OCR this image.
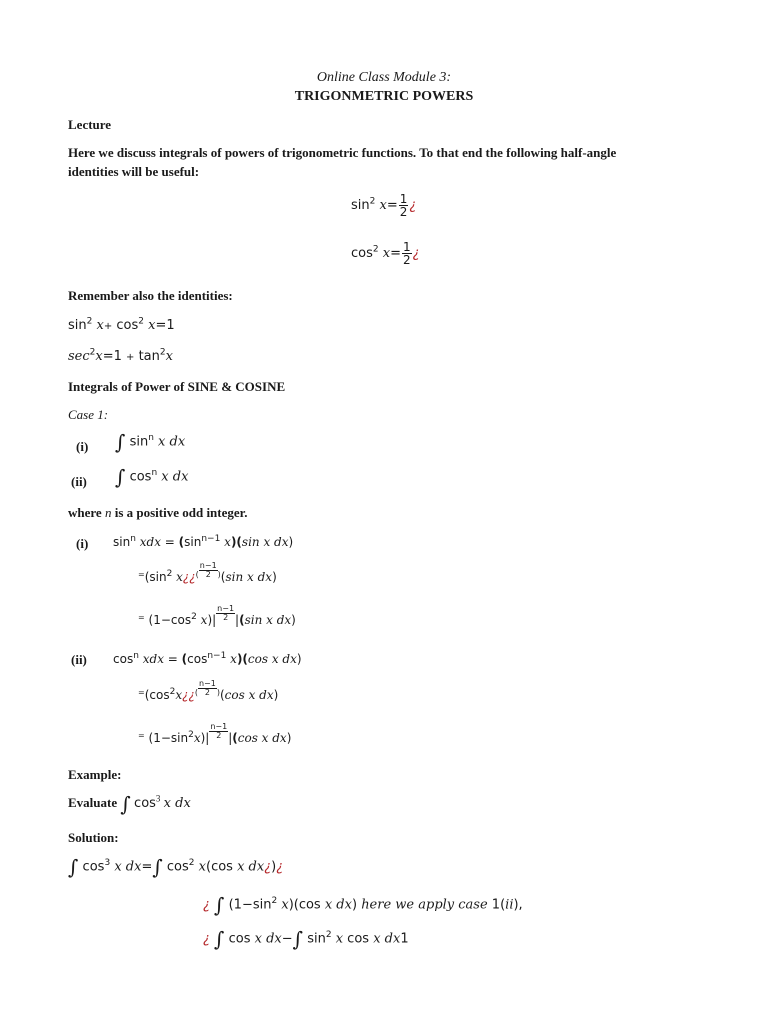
Online Class Module 3:
TRIGONMETRIC POWERS
Lecture
Here we discuss integrals of powers of trigonometric functions. To that end the following half-angle
identities will be useful:
$\sin^2 x= \frac{1}{2}$ ¿
$\cos^2 x= \frac{1}{2}$ ¿
Remember also the identities:
$\sin^2 x+ \cos^2 x=1$
$\sec^2x=1 + \tan^2x$
Integrals of Power of SINE & COSINE
Case 1:
(i) ∫ $\sin^n x$ dx
(ii) ∫ $\cos^n x$ dx
where n is a positive odd integer.
(i) $\sin^n$ xdx = ($\sin^{n-1}$ x)(sin x dx)
$^=(\sin^2$ x¿¿( $\frac{n-1}{2} ^)(\sin$ x dx)
= ($1-\cos^2$ $x)| \frac{n-1}{2} |(\sin$ x dx)
(ii) $\cos^n$ xdx = ($\cos^{n-1}$ x)(cos x dx)
$^=(\cos^2x¿¿^( \frac{n-1}{2} ^)(\cos$ x dx)
= $(1-\sin^2x)| \frac{n-1}{2} |(\cos$ x dx)
Example:
Evaluate ∫ $\cos^3 x$ dx
Solution:
∫ $\cos^3 x$ dx=∫ $\cos^2 x(\cos$ x dx¿)¿
¿ ∫ ($1-\sin^2$ x)(cos x dx) here we apply case 1(ii),
¿ ∫ cos x dx−∫ $\sin^2 x$ cos x dx1
